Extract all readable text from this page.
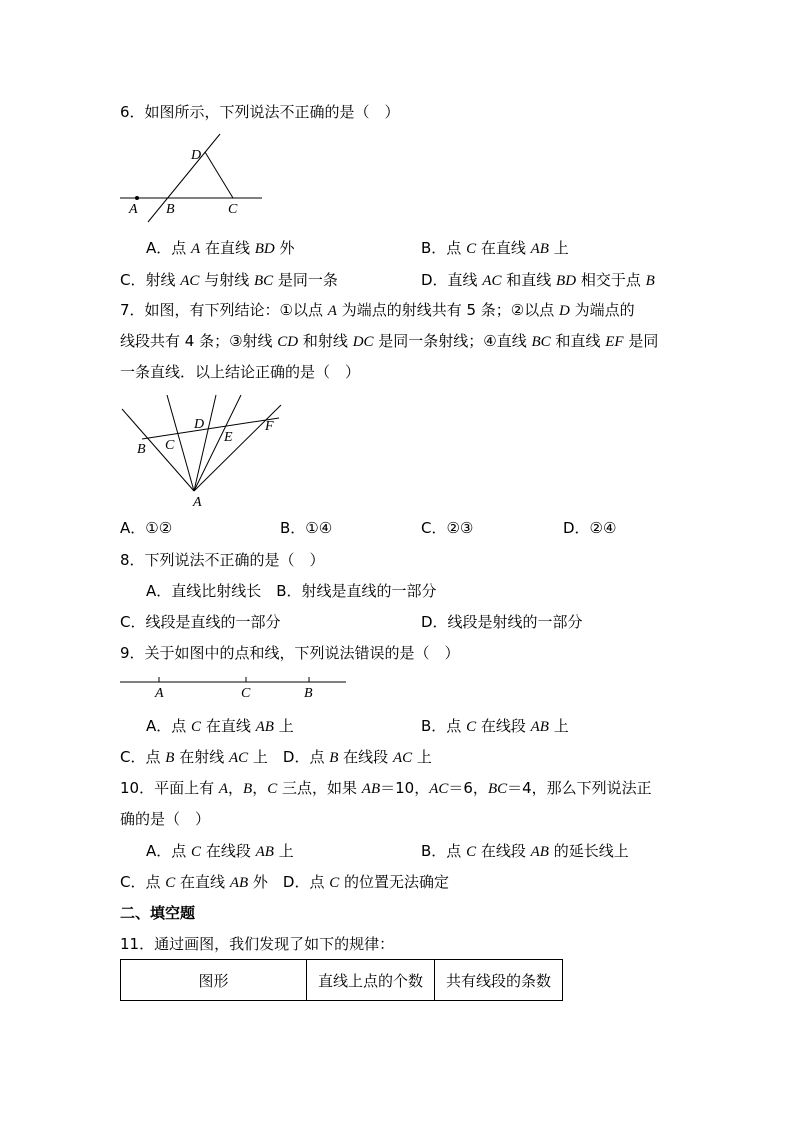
6．如图所示，下列说法不正确的是（　）
A B	C
D
A．点 A 在直线 BD 外	B．点 C 在直线 AB 上
C．射线 AC 与射线 BC 是同一条	D．直线 AC 和直线 BD 相交于点 B
7．如图，有下列结论：①以点 A 为端点的射线共有 5 条；②以点 D 为端点的
线段共有 4 条；③射线 CD 和射线 DC 是同一条射线；④直线 BC 和直线 EF 是同
一条直线．以上结论正确的是（　）
B C
D
E
F
A
A．①②	B．①④	C．②③	D．②④
8．下列说法不正确的是（　）
A．直线比射线长　B．射线是直线的一部分
C．线段是直线的一部分	D．线段是射线的一部分
9．关于如图中的点和线，下列说法错误的是（　）
A	C	B
A．点 C 在直线 AB 上	B．点 C 在线段 AB 上
C．点 B 在射线 AC 上　D．点 B 在线段 AC 上
10．平面上有 A，B，C 三点，如果 AB＝10，AC＝6，BC＝4，那么下列说法正
确的是（　）
A．点 C 在线段 AB 上	B．点 C 在线段 AB 的延长线上
C．点 C 在直线 AB 外　D．点 C 的位置无法确定
二、填空题
11．通过画图，我们发现了如下的规律：
图形	直线上点的个数	共有线段的条数
